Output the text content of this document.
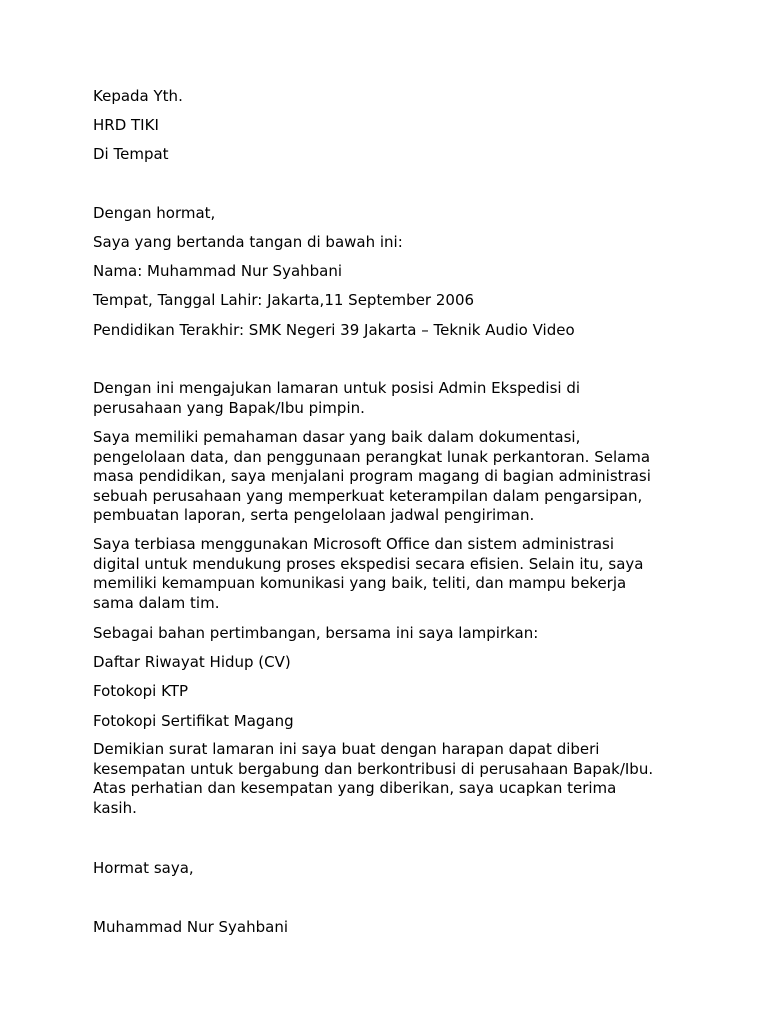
Kepada Yth.

HRD TIKI

Di Tempat

Dengan hormat,

Saya yang bertanda tangan di bawah ini:

Nama: Muhammad Nur Syahbani

Tempat, Tanggal Lahir: Jakarta,11 September 2006

Pendidikan Terakhir: SMK Negeri 39 Jakarta – Teknik Audio Video

Dengan ini mengajukan lamaran untuk posisi Admin Ekspedisi di
perusahaan yang Bapak/Ibu pimpin.
Saya memiliki pemahaman dasar yang baik dalam dokumentasi,
pengelolaan data, dan penggunaan perangkat lunak perkantoran. Selama
masa pendidikan, saya menjalani program magang di bagian administrasi
sebuah perusahaan yang memperkuat keterampilan dalam pengarsipan,
pembuatan laporan, serta pengelolaan jadwal pengiriman.
Saya terbiasa menggunakan Microsoft Office dan sistem administrasi
digital untuk mendukung proses ekspedisi secara efisien. Selain itu, saya
memiliki kemampuan komunikasi yang baik, teliti, dan mampu bekerja
sama dalam tim.

Sebagai bahan pertimbangan, bersama ini saya lampirkan:

Daftar Riwayat Hidup (CV)

Fotokopi KTP

Fotokopi Sertifikat Magang

Demikian surat lamaran ini saya buat dengan harapan dapat diberi
kesempatan untuk bergabung dan berkontribusi di perusahaan Bapak/Ibu.
Atas perhatian dan kesempatan yang diberikan, saya ucapkan terima
kasih.

Hormat saya,

Muhammad Nur Syahbani
